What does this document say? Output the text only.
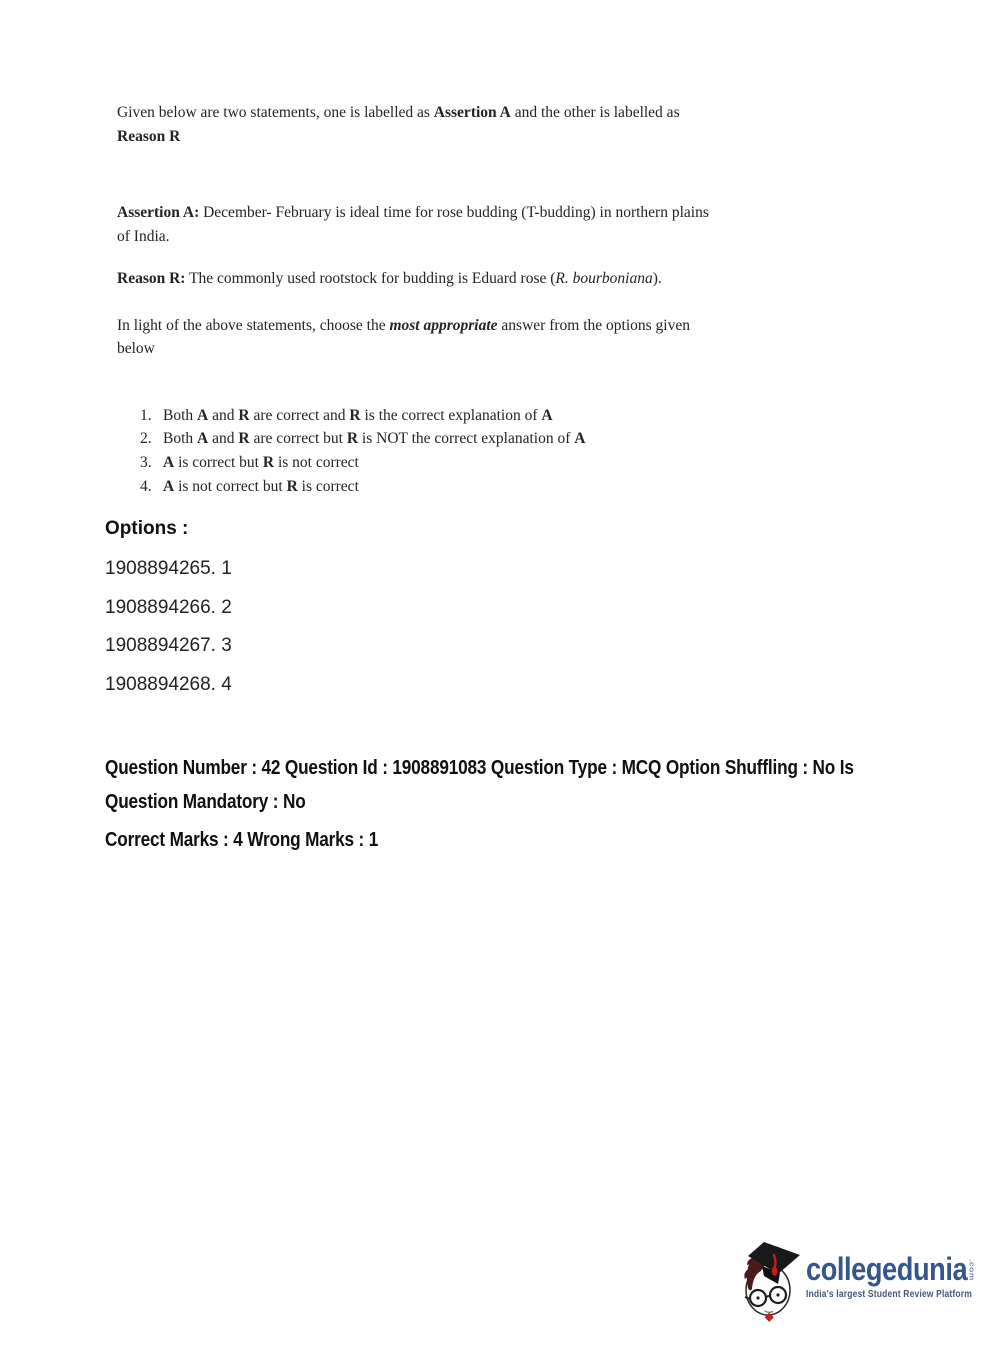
Given below are two statements, one is labelled as Assertion A and the other is labelled as
Reason R

Assertion A: December- February is ideal time for rose budding (T-budding) in northern plains
of India.

Reason R: The commonly used rootstock for budding is Eduard rose (R. bourboniana).

In light of the above statements, choose the most appropriate answer from the options given
below

1. Both A and R are correct and R is the correct explanation of A
2. Both A and R are correct but R is NOT the correct explanation of A
3. A is correct but R is not correct
4. A is not correct but R is correct
Options :
1908894265. 1
1908894266. 2
1908894267. 3
1908894268. 4
Question Number : 42 Question Id : 1908891083 Question Type : MCQ Option Shuffling : No Is
Question Mandatory : No
Correct Marks : 4 Wrong Marks : 1
collegedunia .com
India's largest Student Review Platform
